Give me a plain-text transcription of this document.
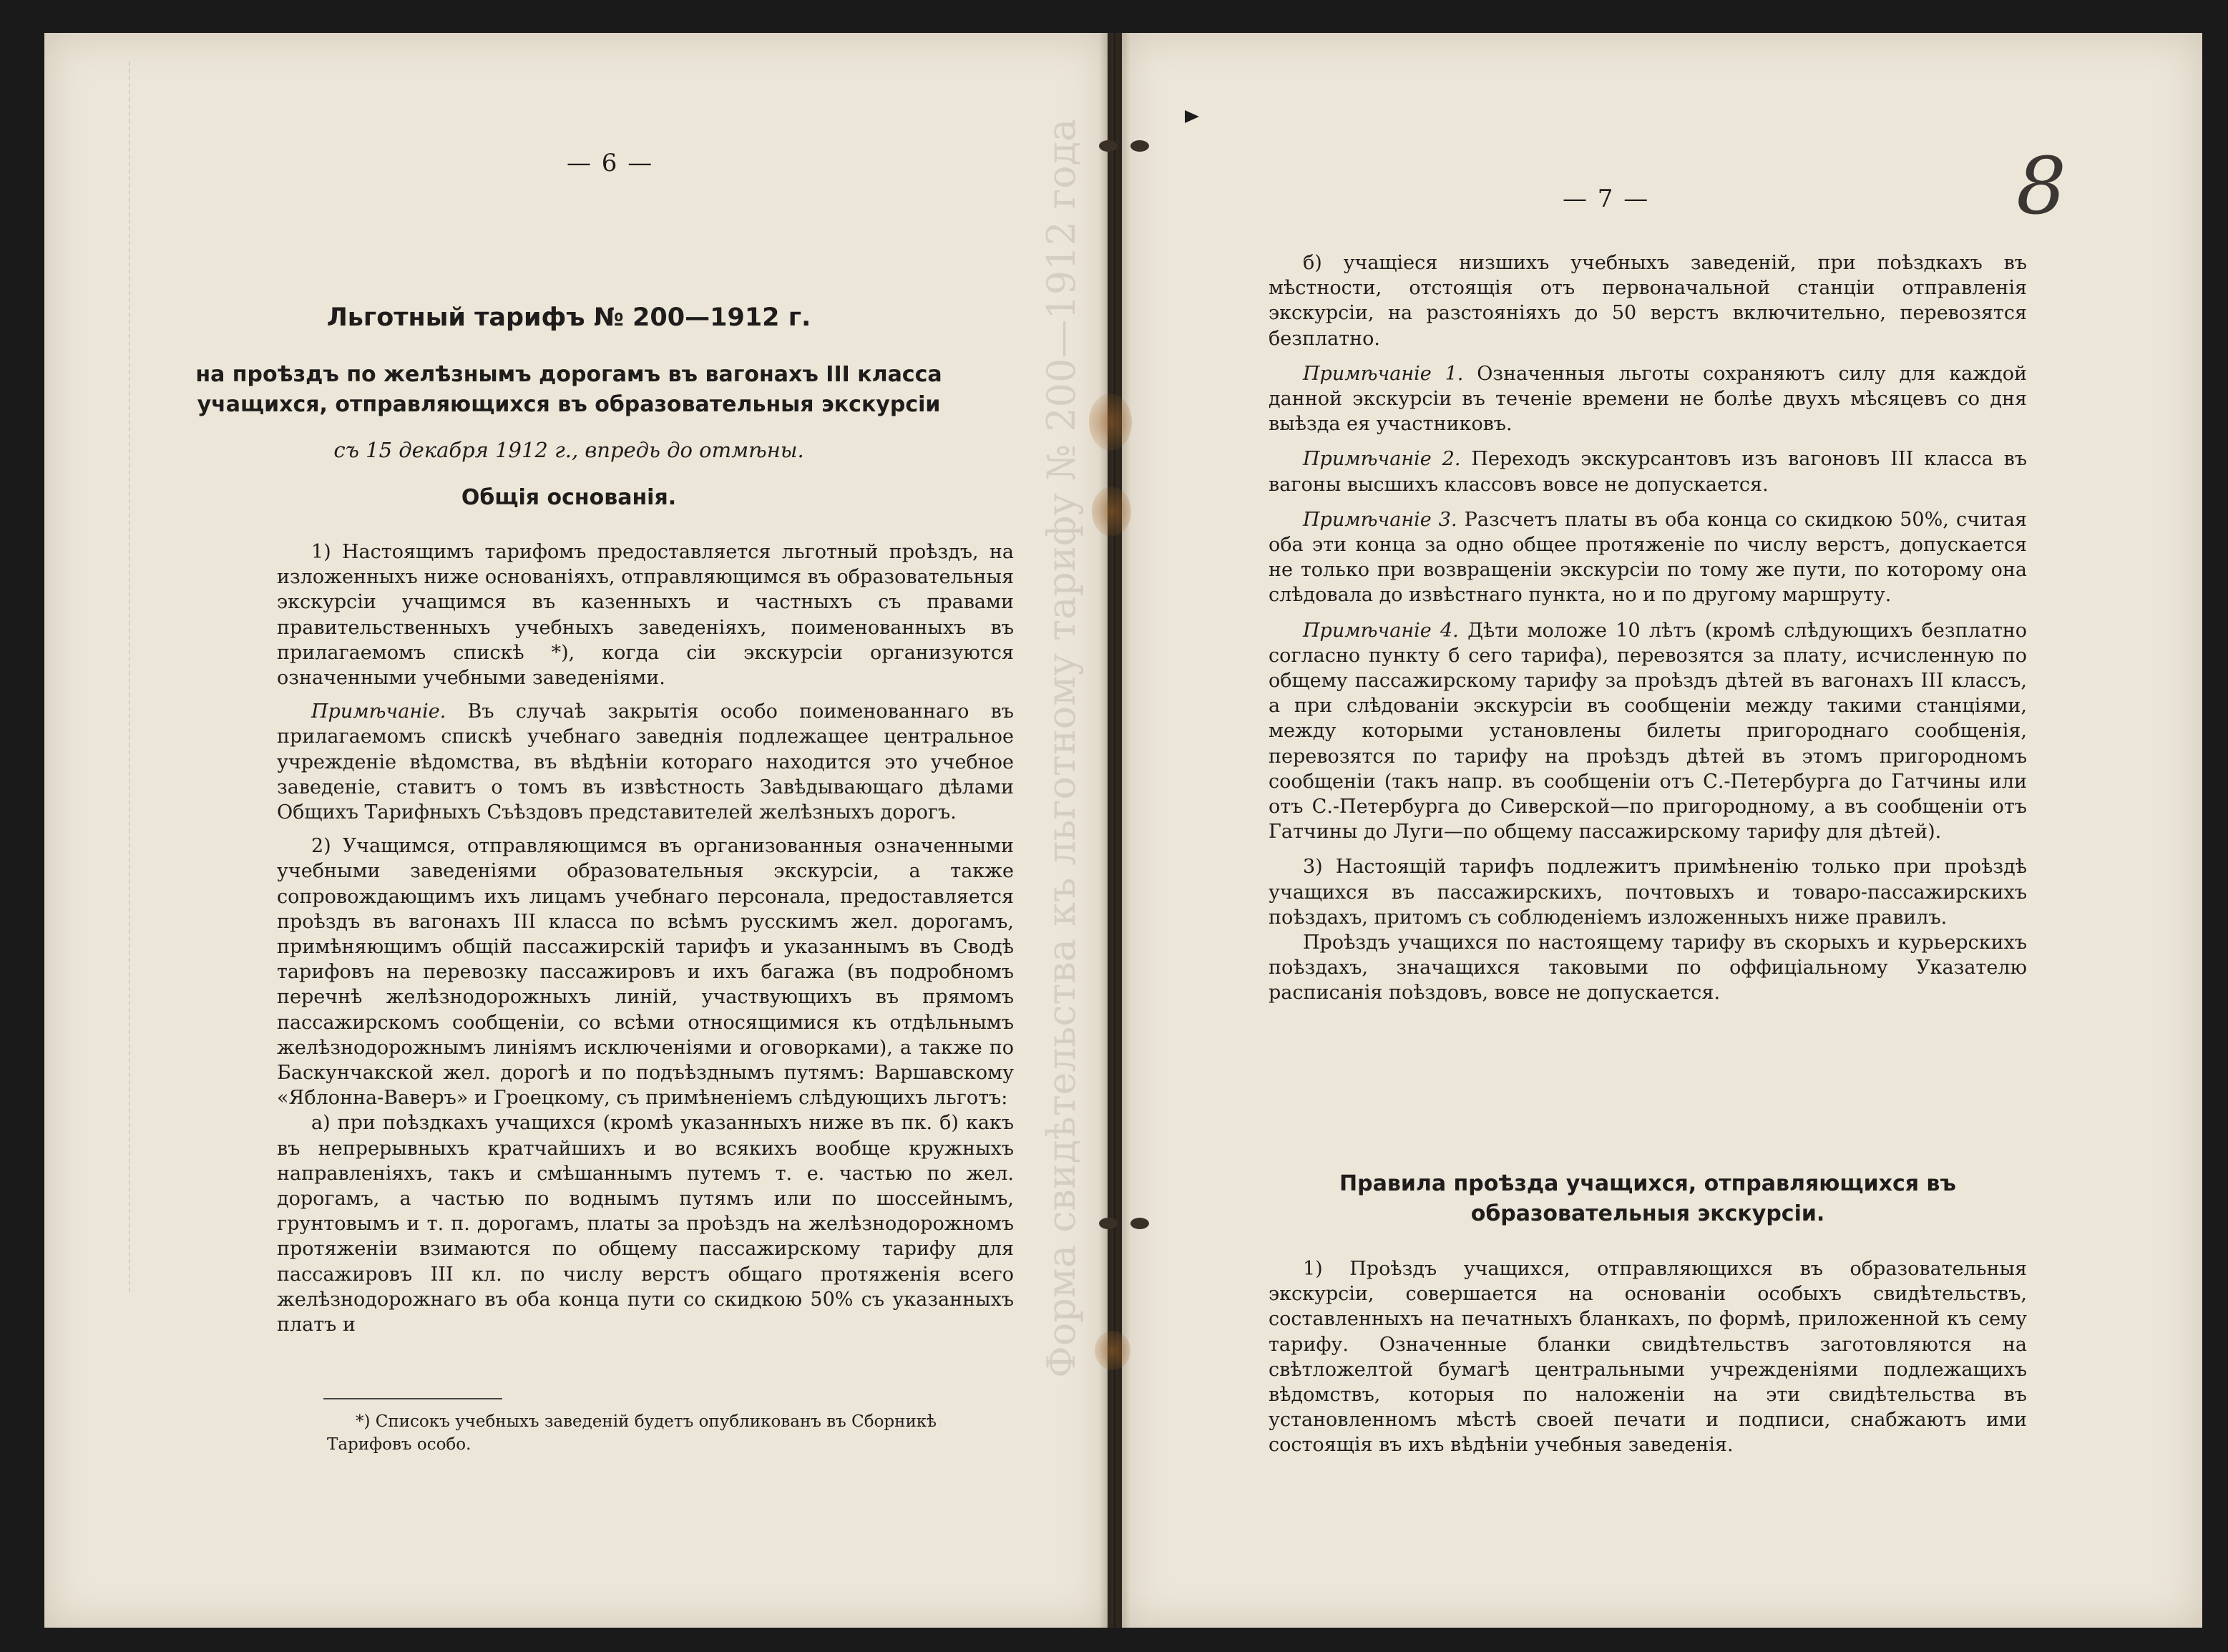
Форма свидѣтельства къ льготному тарифу № 200—1912 года
— 6 —
Льготный тарифъ № 200—1912 г.
на проѣздъ по желѣзнымъ дорогамъ въ вагонахъ III класса
учащихся, отправляющихся въ образовательныя экскурсіи
съ 15 декабря 1912 г., впредь до отмѣны.
Общія основанія.

1) Настоящимъ тарифомъ предоставляется льготный проѣздъ, на изложенныхъ ниже основаніяхъ, отправляющимся въ образовательныя экскурсіи учащимся въ казенныхъ и частныхъ съ правами правительственныхъ учебныхъ заведеніяхъ, поименованныхъ въ прилагаемомъ спискѣ *), когда сіи экскурсіи организуются означенными учебными заведеніями.

Примѣчаніе. Въ случаѣ закрытія особо поименованнаго въ прилагаемомъ спискѣ учебнаго заведнія подлежащее центральное учрежденіе вѣдомства, въ вѣдѣніи котораго находится это учебное заведеніе, ставитъ о томъ въ извѣстность Завѣдывающаго дѣлами Общихъ Тарифныхъ Съѣздовъ представителей желѣзныхъ дорогъ.

2) Учащимся, отправляющимся въ организованныя означенными учебными заведеніями образовательныя экскурсіи, а также сопровождающимъ ихъ лицамъ учебнаго персонала, предоставляется проѣздъ въ вагонахъ III класса по всѣмъ русскимъ жел. дорогамъ, примѣняющимъ общій пассажирскій тарифъ и указаннымъ въ Сводѣ тарифовъ на перевозку пассажировъ и ихъ багажа (въ подробномъ перечнѣ желѣзнодорожныхъ линій, участвующихъ въ прямомъ пассажирскомъ сообщеніи, со всѣми относящимися къ отдѣльнымъ желѣзнодорожнымъ линіямъ исключеніями и оговорками), а также по Баскунчакской жел. дорогѣ и по подъѣзднымъ путямъ: Варшавскому «Яблонна-Ваверъ» и Гроецкому, съ примѣненіемъ слѣдующихъ льготъ:

а) при поѣздкахъ учащихся (кромѣ указанныхъ ниже въ пк. б) какъ въ непрерывныхъ кратчайшихъ и во всякихъ вообще кружныхъ направленіяхъ, такъ и смѣшаннымъ путемъ т. е. частью по жел. дорогамъ, а частью по воднымъ путямъ или по шоссейнымъ, грунтовымъ и т. п. дорогамъ, платы за проѣздъ на желѣзнодорожномъ протяженіи взимаются по общему пассажирскому тарифу для пассажировъ III кл. по числу верстъ общаго протяженія всего желѣзнодорожнаго въ оба конца пути со скидкою 50% съ указанныхъ платъ и

*) Списокъ учебныхъ заведеній будетъ опубликованъ въ Сборникѣ Тарифовъ особо.
— 7 —	8

б) учащіеся низшихъ учебныхъ заведеній, при поѣздкахъ въ мѣстности, отстоящія отъ первоначальной станціи отправленія экскурсіи, на разстояніяхъ до 50 верстъ включительно, перевозятся безплатно.

Примѣчаніе 1. Означенныя льготы сохраняютъ силу для каждой данной экскурсіи въ теченіе времени не болѣе двухъ мѣсяцевъ со дня выѣзда ея участниковъ.

Примѣчаніе 2. Переходъ экскурсантовъ изъ вагоновъ III класса въ вагоны высшихъ классовъ вовсе не допускается.

Примѣчаніе 3. Разсчетъ платы въ оба конца со скидкою 50%, считая оба эти конца за одно общее протяженіе по числу верстъ, допускается не только при возвращеніи экскурсіи по тому же пути, по которому она слѣдовала до извѣстнаго пункта, но и по другому маршруту.

Примѣчаніе 4. Дѣти моложе 10 лѣтъ (кромѣ слѣдующихъ безплатно согласно пункту б сего тарифа), перевозятся за плату, исчисленную по общему пассажирскому тарифу за проѣздъ дѣтей въ вагонахъ III классъ, а при слѣдованіи экскурсіи въ сообщеніи между такими станціями, между которыми установлены билеты пригороднаго сообщенія, перевозятся по тарифу на проѣздъ дѣтей въ этомъ пригородномъ сообщеніи (такъ напр. въ сообщеніи отъ С.-Петербурга до Гатчины или отъ С.-Петербурга до Сиверской—по пригородному, а въ сообщеніи отъ Гатчины до Луги—по общему пассажирскому тарифу для дѣтей).

3) Настоящій тарифъ подлежитъ примѣненію только при проѣздѣ учащихся въ пассажирскихъ, почтовыхъ и товаро-пассажирскихъ поѣздахъ, притомъ съ соблюденіемъ изложенныхъ ниже правилъ.

Проѣздъ учащихся по настоящему тарифу въ скорыхъ и курьерскихъ поѣздахъ, значащихся таковыми по оффиціальному Указателю расписанія поѣздовъ, вовсе не допускается.

Правила проѣзда учащихся, отправляющихся въ образовательныя экскурсіи.

1) Проѣздъ учащихся, отправляющихся въ образовательныя экскурсіи, совершается на основаніи особыхъ свидѣтельствъ, составленныхъ на печатныхъ бланкахъ, по формѣ, приложенной къ сему тарифу. Означенные бланки свидѣтельствъ заготовляются на свѣтложелтой бумагѣ центральными учрежденіями подлежащихъ вѣдомствъ, которыя по наложеніи на эти свидѣтельства въ установленномъ мѣстѣ своей печати и подписи, снабжаютъ ими состоящія въ ихъ вѣдѣніи учебныя заведенія.
